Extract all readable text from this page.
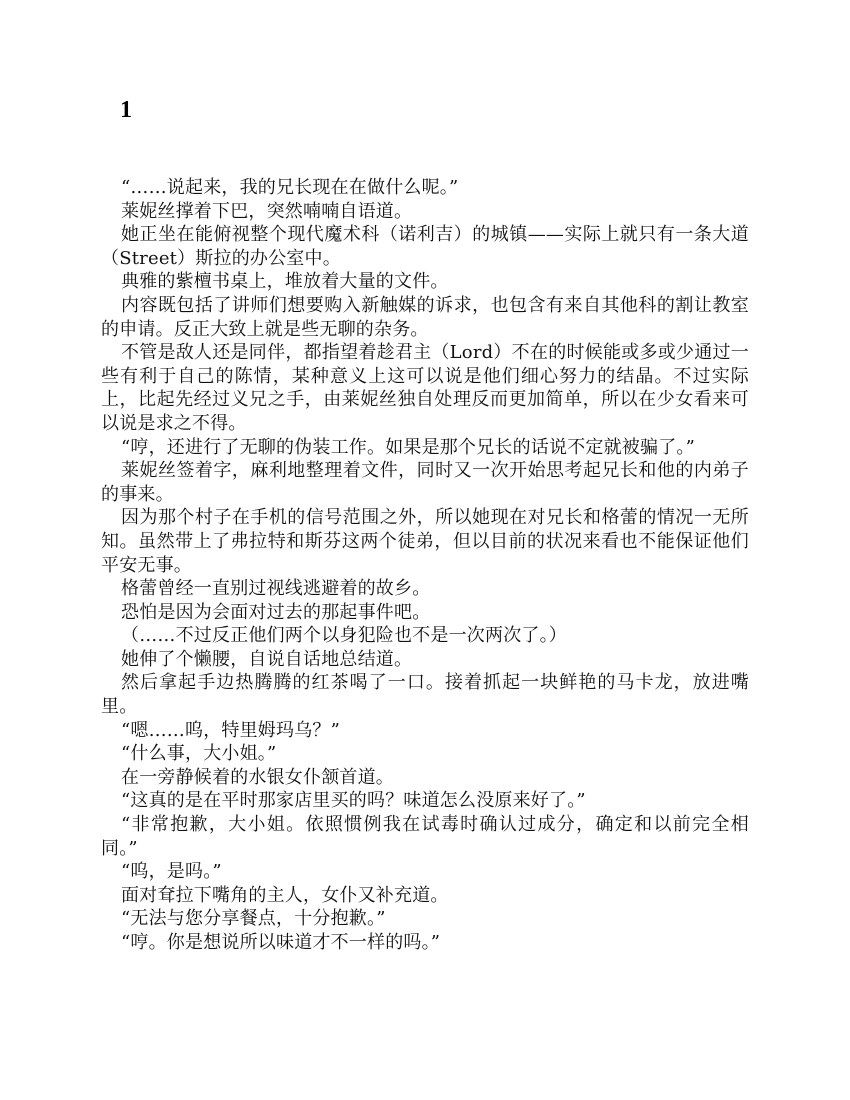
1

“……说起来，我的兄长现在在做什么呢。”

莱妮丝撑着下巴，突然喃喃自语道。

她正坐在能俯视整个现代魔术科（诺利吉）的城镇——实际上就只有一条大道（Street）斯拉的办公室中。

典雅的紫檀书桌上，堆放着大量的文件。

内容既包括了讲师们想要购入新触媒的诉求，也包含有来自其他科的割让教室的申请。反正大致上就是些无聊的杂务。

不管是敌人还是同伴，都指望着趁君主（Lord）不在的时候能或多或少通过一些有利于自己的陈情，某种意义上这可以说是他们细心努力的结晶。不过实际上，比起先经过义兄之手，由莱妮丝独自处理反而更加简单，所以在少女看来可以说是求之不得。

“哼，还进行了无聊的伪装工作。如果是那个兄长的话说不定就被骗了。”

莱妮丝签着字，麻利地整理着文件，同时又一次开始思考起兄长和他的内弟子的事来。

因为那个村子在手机的信号范围之外，所以她现在对兄长和格蕾的情况一无所知。虽然带上了弗拉特和斯芬这两个徒弟，但以目前的状况来看也不能保证他们平安无事。

格蕾曾经一直别过视线逃避着的故乡。

恐怕是因为会面对过去的那起事件吧。

（……不过反正他们两个以身犯险也不是一次两次了。）

她伸了个懒腰，自说自话地总结道。

然后拿起手边热腾腾的红茶喝了一口。接着抓起一块鲜艳的马卡龙，放进嘴里。

“嗯……呜，特里姆玛乌？”

“什么事，大小姐。”

在一旁静候着的水银女仆颔首道。

“这真的是在平时那家店里买的吗？味道怎么没原来好了。”

“非常抱歉，大小姐。依照惯例我在试毒时确认过成分，确定和以前完全相同。”

“呜，是吗。”

面对耷拉下嘴角的主人，女仆又补充道。

“无法与您分享餐点，十分抱歉。”

“哼。你是想说所以味道才不一样的吗。”
